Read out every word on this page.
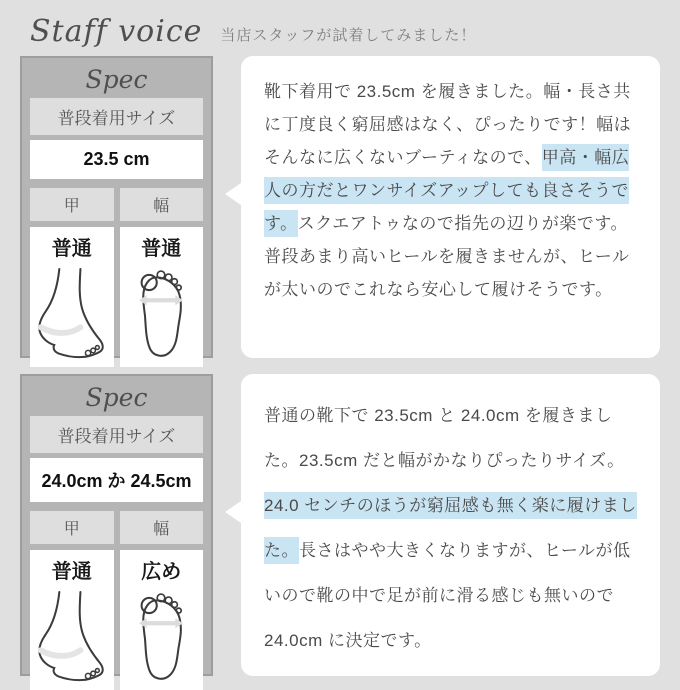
Staff voice 当店スタッフが試着してみました！
Spec
普段着用サイズ
23.5 cm
甲
普通
幅
普通
靴下着用で 23.5cm を履きました。幅・長さ共に丁度良く窮屈感はなく、ぴったりです！幅はそんなに広くないブーティなので、甲高・幅広人の方だとワンサイズアップしても良さそうです。スクエアトゥなので指先の辺りが楽です。普段あまり高いヒールを履きませんが、ヒールが太いのでこれなら安心して履けそうです。
Spec
普段着用サイズ
24.0cm か 24.5cm
甲
普通
幅
広め
普通の靴下で 23.5cm と 24.0cm を履きました。23.5cm だと幅がかなりぴったりサイズ。24.0 センチのほうが窮屈感も無く楽に履けました。長さはやや大きくなりますが、ヒールが低いので靴の中で足が前に滑る感じも無いので 24.0cm に決定です。
